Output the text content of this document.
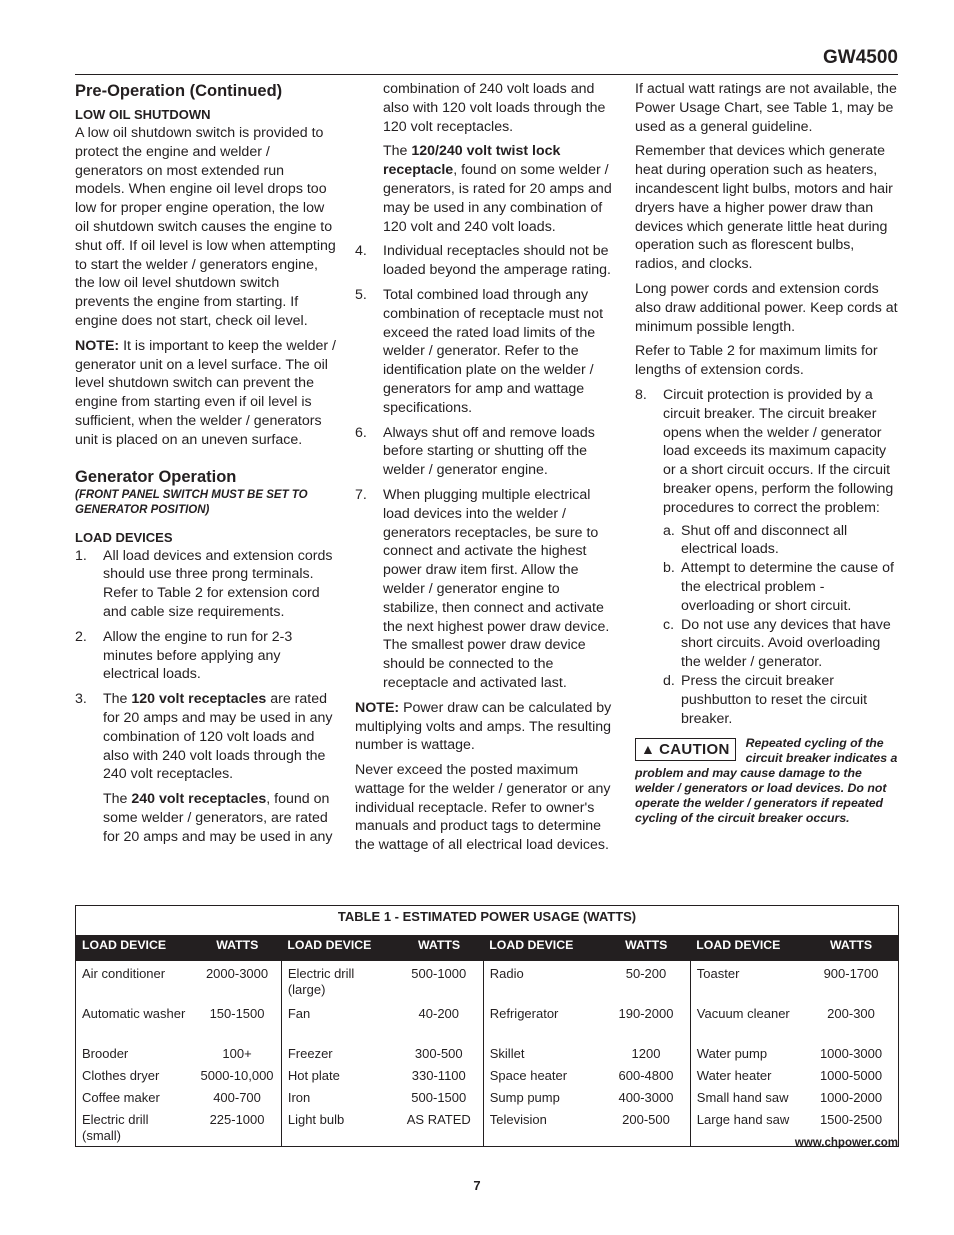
GW4500
Pre-Operation (Continued)
LOW OIL SHUTDOWN

A low oil shutdown switch is provided to protect the engine and welder / generators on most extended run models. When engine oil level drops too low for proper engine operation, the low oil shutdown switch causes the engine to shut off. If oil level is low when attempting to start the welder / generators engine, the low oil level shutdown switch prevents the engine from starting. If engine does not start, check oil level.

NOTE: It is important to keep the welder / generator unit on a level surface. The oil level shutdown switch can prevent the engine from starting even if oil level is sufficient, when the welder / generators unit is placed on an uneven surface.

Generator Operation
(FRONT PANEL SWITCH MUST BE SET TO GENERATOR POSITION)
LOAD DEVICES
1. All load devices and extension cords should use three prong terminals. Refer to Table 2 for extension cord and cable size requirements.
2. Allow the engine to run for 2-3 minutes before applying any electrical loads.
3. The 120 volt receptacles are rated for 20 amps and may be used in any combination of 120 volt loads and also with 240 volt loads through the 240 volt receptacles.

The 240 volt receptacles, found on some welder / generators, are rated for 20 amps and may be used in any

combination of 240 volt loads and also with 120 volt loads through the 120 volt receptacles.

The 120/240 volt twist lock receptacle, found on some welder / generators, is rated for 20 amps and may be used in any combination of 120 volt and 240 volt loads.

4. Individual receptacles should not be loaded beyond the amperage rating.
5. Total combined load through any combination of receptacle must not exceed the rated load limits of the welder / generator. Refer to the identification plate on the welder / generators for amp and wattage specifications.
6. Always shut off and remove loads before starting or shutting off the welder / generator engine.
7. When plugging multiple electrical load devices into the welder / generators receptacles, be sure to connect and activate the highest power draw item first. Allow the welder / generator engine to stabilize, then connect and activate the next highest power draw device. The smallest power draw device should be connected to the receptacle and activated last.

NOTE: Power draw can be calculated by multiplying volts and amps. The resulting number is wattage.

Never exceed the posted maximum wattage for the welder / generator or any individual receptacle. Refer to owner's manuals and product tags to determine the wattage of all electrical load devices.

If actual watt ratings are not available, the Power Usage Chart, see Table 1, may be used as a general guideline.

Remember that devices which generate heat during operation such as heaters, incandescent light bulbs, motors and hair dryers have a higher power draw than devices which generate little heat during operation such as florescent bulbs, radios, and clocks.

Long power cords and extension cords also draw additional power. Keep cords at minimum possible length.

Refer to Table 2 for maximum limits for lengths of extension cords.

8. Circuit protection is provided by a circuit breaker. The circuit breaker opens when the welder / generator load exceeds its maximum capacity or a short circuit occurs. If the circuit breaker opens, perform the following procedures to correct the problem:
a. Shut off and disconnect all electrical loads.
b. Attempt to determine the cause of the electrical problem - overloading or short circuit.
c. Do not use any devices that have short circuits. Avoid overloading the welder / generator.
d. Press the circuit breaker pushbutton to reset the circuit breaker.
▲ CAUTION	Repeated cycling of the circuit breaker indicates a problem and may cause damage to the welder / generators or load devices. Do not operate the welder / generators if repeated cycling of the circuit breaker occurs.
TABLE 1 - ESTIMATED POWER USAGE (WATTS)							
LOAD DEVICE	WATTS	LOAD DEVICE	WATTS	LOAD DEVICE	WATTS	LOAD DEVICE	WATTS
Air conditioner	2000-3000	Electric drill (large)	500-1000	Radio	50-200	Toaster	900-1700
Automatic washer	150-1500	Fan	40-200	Refrigerator	190-2000	Vacuum cleaner	200-300
Brooder	100+	Freezer	300-500	Skillet	1200	Water pump	1000-3000
Clothes dryer	5000-10,000	Hot plate	330-1100	Space heater	600-4800	Water heater	1000-5000
Coffee maker	400-700	Iron	500-1500	Sump pump	400-3000	Small hand saw	1000-2000
Electric drill (small)	225-1000	Light bulb	AS RATED	Television	200-500	Large hand saw	1500-2500
www.chpower.com
7
